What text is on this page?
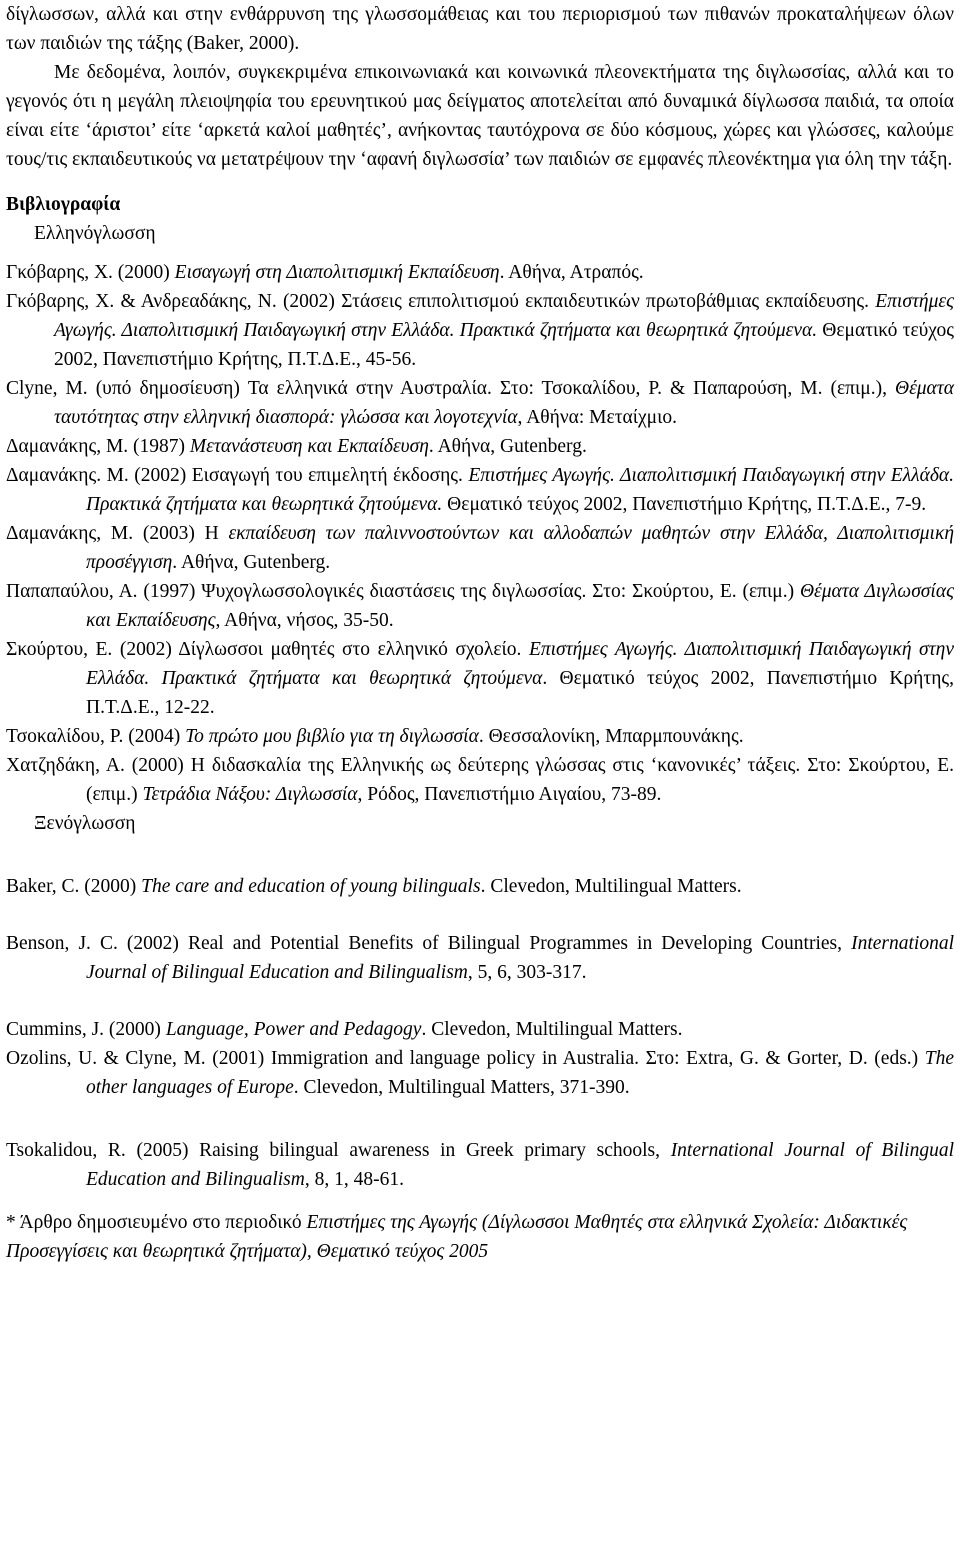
δίγλωσσων, αλλά και στην ενθάρρυνση της γλωσσομάθειας και του περιορισμού των πιθανών προκαταλήψεων όλων των παιδιών της τάξης (Baker, 2000).

Με δεδομένα, λοιπόν, συγκεκριμένα επικοινωνιακά και κοινωνικά πλεονεκτήματα της διγλωσσίας, αλλά και το γεγονός ότι η μεγάλη πλειοψηφία του ερευνητικού μας δείγματος αποτελείται από δυναμικά δίγλωσσα παιδιά, τα οποία είναι είτε ‘άριστοι’ είτε ‘αρκετά καλοί μαθητές’, ανήκοντας ταυτόχρονα σε δύο κόσμους, χώρες και γλώσσες, καλούμε τους/τις εκπαιδευτικούς να μετατρέψουν την ‘αφανή διγλωσσία’ των παιδιών σε εμφανές πλεονέκτημα για όλη την τάξη.

Βιβλιογραφία
Ελληνόγλωσση

Γκόβαρης, Χ. (2000) Εισαγωγή στη Διαπολιτισμική Εκπαίδευση. Αθήνα, Ατραπός.

Γκόβαρης, Χ. & Ανδρεαδάκης, Ν. (2002) Στάσεις επιπολιτισμού εκπαιδευτικών πρωτοβάθμιας εκπαίδευσης. Επιστήμες Αγωγής. Διαπολιτισμική Παιδαγωγική στην Ελλάδα. Πρακτικά ζητήματα και θεωρητικά ζητούμενα. Θεματικό τεύχος 2002, Πανεπιστήμιο Κρήτης, Π.Τ.Δ.Ε., 45-56.

Clyne, M. (υπό δημοσίευση) Τα ελληνικά στην Αυστραλία. Στο: Τσοκαλίδου, Ρ. & Παπαρούση, Μ. (επιμ.), Θέματα ταυτότητας στην ελληνική διασπορά: γλώσσα και λογοτεχνία, Αθήνα: Μεταίχμιο.

Δαμανάκης, Μ. (1987) Μετανάστευση και Εκπαίδευση. Αθήνα, Gutenberg.

Δαμανάκης. Μ. (2002) Εισαγωγή του επιμελητή έκδοσης. Επιστήμες Αγωγής. Διαπολιτισμική Παιδαγωγική στην Ελλάδα. Πρακτικά ζητήματα και θεωρητικά ζητούμενα. Θεματικό τεύχος 2002, Πανεπιστήμιο Κρήτης, Π.Τ.Δ.Ε., 7-9.

Δαμανάκης, Μ. (2003) Η εκπαίδευση των παλιννοστούντων και αλλοδαπών μαθητών στην Ελλάδα, Διαπολιτισμική προσέγγιση. Αθήνα, Gutenberg.

Παπαπαύλου, Α. (1997) Ψυχογλωσσολογικές διαστάσεις της διγλωσσίας. Στο: Σκούρτου, Ε. (επιμ.) Θέματα Διγλωσσίας και Εκπαίδευσης, Αθήνα, νήσος, 35-50.

Σκούρτου, Ε. (2002) Δίγλωσσοι μαθητές στο ελληνικό σχολείο. Επιστήμες Αγωγής. Διαπολιτισμική Παιδαγωγική στην Ελλάδα. Πρακτικά ζητήματα και θεωρητικά ζητούμενα. Θεματικό τεύχος 2002, Πανεπιστήμιο Κρήτης, Π.Τ.Δ.Ε., 12-22.

Τσοκαλίδου, Ρ. (2004) Το πρώτο μου βιβλίο για τη διγλωσσία. Θεσσαλονίκη, Μπαρμπουνάκης.

Χατζηδάκη, Α. (2000) Η διδασκαλία της Ελληνικής ως δεύτερης γλώσσας στις ‘κανονικές’ τάξεις. Στο: Σκούρτου, Ε. (επιμ.) Τετράδια Νάξου: Διγλωσσία, Ρόδος, Πανεπιστήμιο Αιγαίου, 73-89.

Ξενόγλωσση

Baker, C. (2000) The care and education of young bilinguals. Clevedon, Multilingual Matters.

Benson, J. C. (2002) Real and Potential Benefits of Bilingual Programmes in Developing Countries, International Journal of Bilingual Education and Bilingualism, 5, 6, 303-317.

Cummins, J. (2000) Language, Power and Pedagogy. Clevedon, Multilingual Matters.

Ozolins, U. & Clyne, M. (2001) Immigration and language policy in Australia. Στο: Extra, G. & Gorter, D. (eds.) The other languages of Europe. Clevedon, Multilingual Matters, 371-390.

Tsokalidou, R. (2005) Raising bilingual awareness in Greek primary schools, International Journal of Bilingual Education and Bilingualism, 8, 1, 48-61.

* Άρθρο δημοσιευμένο στο περιοδικό Επιστήμες της Αγωγής (Δίγλωσσοι Μαθητές στα ελληνικά Σχολεία: Διδακτικές Προσεγγίσεις και θεωρητικά ζητήματα), Θεματικό τεύχος 2005
